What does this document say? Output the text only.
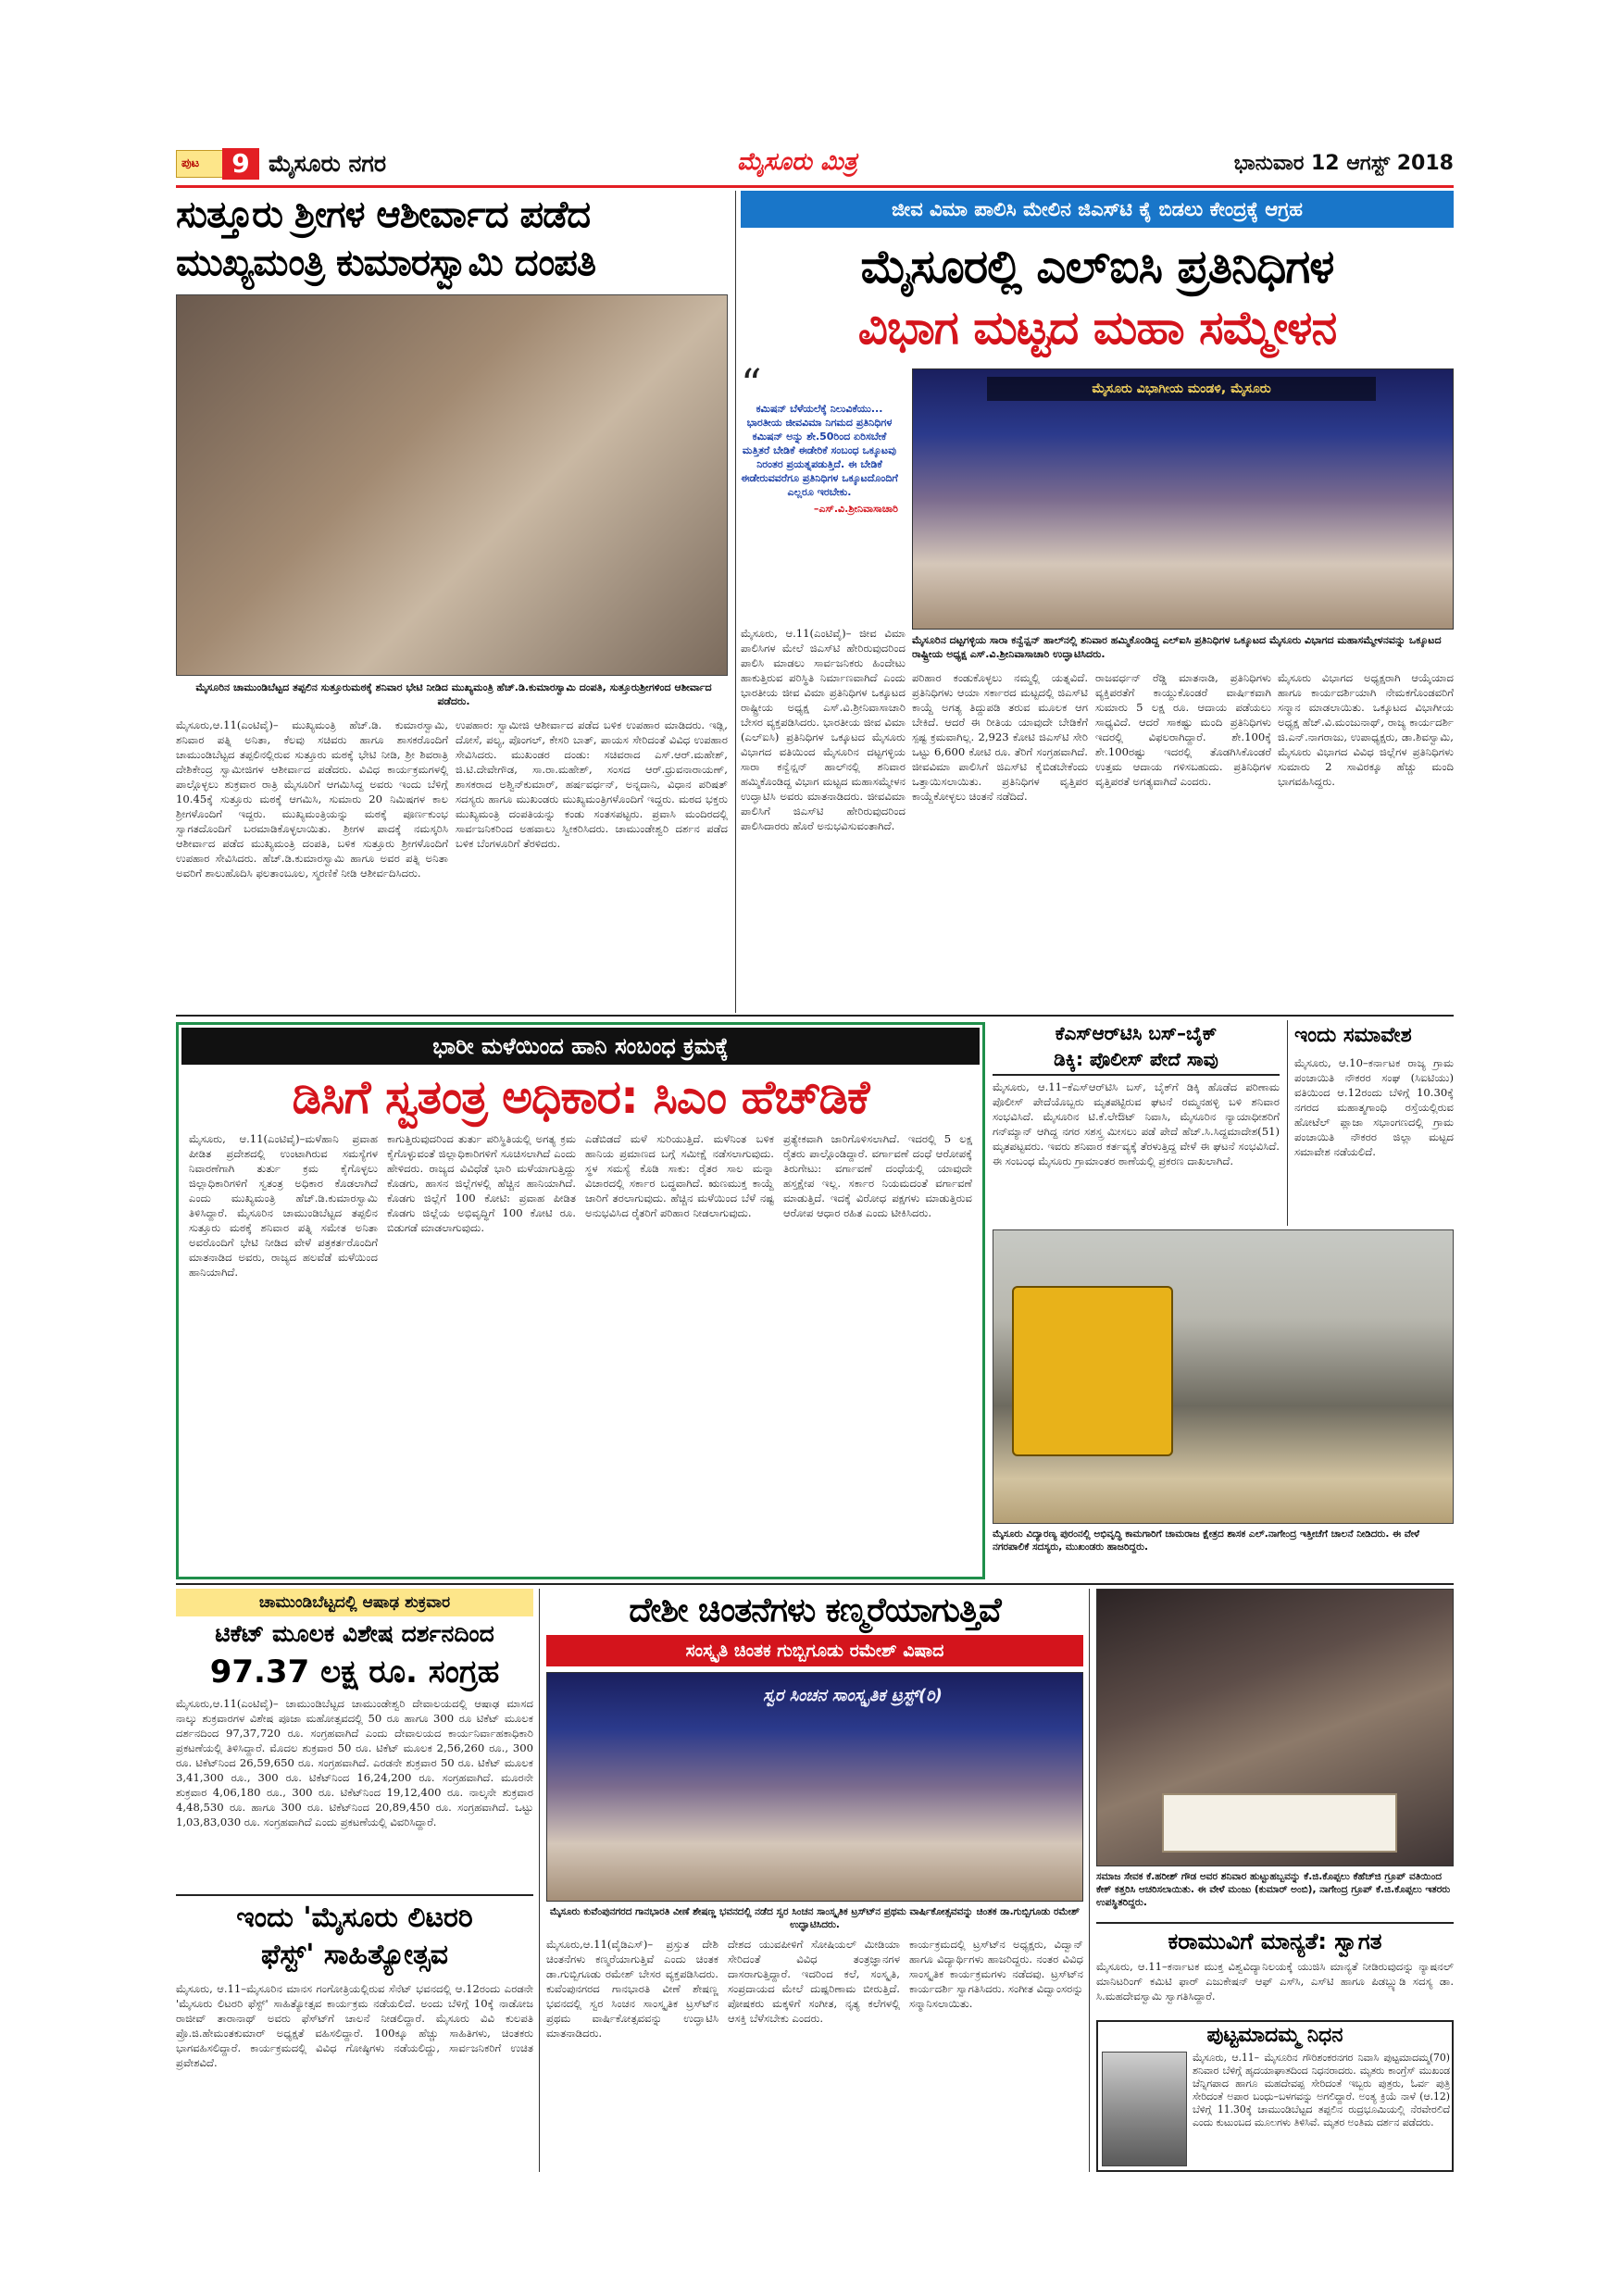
ಪುಟ	9 ಮೈಸೂರು ನಗರ	ಮೈಸೂರು ಮಿತ್ರ	ಭಾನುವಾರ 12 ಆಗಸ್ಟ್ 2018
ಸುತ್ತೂರು ಶ್ರೀಗಳ ಆಶೀರ್ವಾದ ಪಡೆದ
ಮುಖ್ಯಮಂತ್ರಿ ಕುಮಾರಸ್ವಾಮಿ ದಂಪತಿ
ಮೈಸೂರಿನ ಚಾಮುಂಡಿಬೆಟ್ಟದ ತಪ್ಪಲಿನ ಸುತ್ತೂರುಮಠಕ್ಕೆ ಶನಿವಾರ ಭೇಟಿ ನೀಡಿದ ಮುಖ್ಯಮಂತ್ರಿ ಹೆಚ್.ಡಿ.ಕುಮಾರಸ್ವಾಮಿ ದಂಪತಿ, ಸುತ್ತೂರುಶ್ರೀಗಳಿಂದ ಆಶೀರ್ವಾದ ಪಡೆದರು.
ಮೈಸೂರು,ಆ.11(ಎಂಟಿವೈ)– ಮುಖ್ಯಮಂತ್ರಿ ಹೆಚ್.ಡಿ. ಕುಮಾರಸ್ವಾಮಿ, ಶನಿವಾರ ಪತ್ನಿ ಅನಿತಾ, ಕೆಲವು ಸಚಿವರು ಹಾಗೂ ಶಾಸಕರೊಂದಿಗೆ ಚಾಮುಂಡಿಬೆಟ್ಟದ ತಪ್ಪಲಿನಲ್ಲಿರುವ ಸುತ್ತೂರು ಮಠಕ್ಕೆ ಭೇಟಿ ನೀಡಿ, ಶ್ರೀ ಶಿವರಾತ್ರಿ ದೇಶಿಕೇಂದ್ರ ಸ್ವಾಮೀಜಿಗಳ ಆಶೀರ್ವಾದ ಪಡೆದರು. ವಿವಿಧ ಕಾರ್ಯಕ್ರಮಗಳಲ್ಲಿ ಪಾಲ್ಗೊಳ್ಳಲು ಶುಕ್ರವಾರ ರಾತ್ರಿ ಮೈಸೂರಿಗೆ ಆಗಮಿಸಿದ್ದ ಅವರು ಇಂದು ಬೆಳಿಗ್ಗೆ 10.45ಕ್ಕೆ ಸುತ್ತೂರು ಮಠಕ್ಕೆ ಆಗಮಿಸಿ, ಸುಮಾರು 20 ನಿಮಿಷಗಳ ಕಾಲ ಶ್ರೀಗಳೊಂದಿಗೆ ಇದ್ದರು. ಮುಖ್ಯಮಂತ್ರಿಯನ್ನು ಮಠಕ್ಕೆ ಪೂರ್ಣಕುಂಭ ಸ್ವಾಗತದೊಂದಿಗೆ ಬರಮಾಡಿಕೊಳ್ಳಲಾಯಿತು. ಶ್ರೀಗಳ ಪಾದಕ್ಕೆ ನಮಸ್ಕರಿಸಿ ಆಶೀರ್ವಾದ ಪಡೆದ ಮುಖ್ಯಮಂತ್ರಿ ದಂಪತಿ, ಬಳಿಕ ಸುತ್ತೂರು ಶ್ರೀಗಳೊಂದಿಗೆ ಉಪಹಾರ ಸೇವಿಸಿದರು. ಹೆಚ್.ಡಿ.ಕುಮಾರಸ್ವಾಮಿ ಹಾಗೂ ಅವರ ಪತ್ನಿ ಅನಿತಾ ಅವರಿಗೆ ಶಾಲುಹೊದಿಸಿ ಫಲತಾಂಬೂಲ, ಸ್ಮರಣಿಕೆ ನೀಡಿ ಆಶೀರ್ವದಿಸಿದರು.
ಉಪಹಾರ: ಸ್ವಾಮೀಜಿ ಆಶೀರ್ವಾದ ಪಡೆದ ಬಳಿಕ ಉಪಹಾರ ಮಾಡಿದರು. ಇಡ್ಲಿ, ದೋಸೆ, ಪಲ್ಯ, ಪೊಂಗಲ್, ಕೇಸರಿ ಬಾತ್, ಪಾಯಸ ಸೇರಿದಂತೆ ವಿವಿಧ ಉಪಹಾರ ಸೇವಿಸಿದರು. ಮುಖಂಡರ ದಂಡು: ಸಚಿವರಾದ ಎಸ್.ಆರ್.ಮಹೇಶ್, ಜಿ.ಟಿ.ದೇವೇಗೌಡ, ಸಾ.ರಾ.ಮಹೇಶ್, ಸಂಸದ ಆರ್.ಧ್ರುವನಾರಾಯಣ್, ಶಾಸಕರಾದ ಅಶ್ವಿನ್‍ಕುಮಾರ್, ಹರ್ಷವರ್ಧನ್, ಅನ್ನದಾನಿ, ವಿಧಾನ ಪರಿಷತ್ ಸದಸ್ಯರು ಹಾಗೂ ಮುಖಂಡರು ಮುಖ್ಯಮಂತ್ರಿಗಳೊಂದಿಗೆ ಇದ್ದರು. ಮಠದ ಭಕ್ತರು ಮುಖ್ಯಮಂತ್ರಿ ದಂಪತಿಯನ್ನು ಕಂಡು ಸಂತಸಪಟ್ಟರು. ಪ್ರವಾಸಿ ಮಂದಿರದಲ್ಲಿ ಸಾರ್ವಜನಿಕರಿಂದ ಅಹವಾಲು ಸ್ವೀಕರಿಸಿದರು. ಚಾಮುಂಡೇಶ್ವರಿ ದರ್ಶನ ಪಡೆದ ಬಳಿಕ ಬೆಂಗಳೂರಿಗೆ ತೆರಳಿದರು.
ಜೀವ ವಿಮಾ ಪಾಲಿಸಿ ಮೇಲಿನ ಜಿಎಸ್‍ಟಿ ಕೈ ಬಿಡಲು ಕೇಂದ್ರಕ್ಕೆ ಆಗ್ರಹ
ಮೈಸೂರಲ್ಲಿ ಎಲ್‍ಐಸಿ ಪ್ರತಿನಿಧಿಗಳ
ವಿಭಾಗ ಮಟ್ಟದ ಮಹಾ ಸಮ್ಮೇಳನ
“
ಕಮಿಷನ್ ಬೆಳೆಯಲೆಕ್ಕೆ ನಿಲುವಿಕೆಯು... ಭಾರತೀಯ ಜೀವವಿಮಾ ನಿಗಮದ ಪ್ರತಿನಿಧಿಗಳ ಕಮಿಷನ್ ಅನ್ನು ಶೇ.50ರಿಂದ ಏರಿಸಬೇಕೆ ಮತ್ತಿತರೆ ಬೇಡಿಕೆ ಈಡೇರಿಕೆ ಸಂಬಂಧ ಒಕ್ಕೂಟವು ನಿರಂತರ ಪ್ರಯತ್ನಪಡುತ್ತಿದೆ. ಈ ಬೇಡಿಕೆ ಈಡೇರುವವರೆಗೂ ಪ್ರತಿನಿಧಿಗಳ ಒಕ್ಕೂಟದೊಂದಿಗೆ ಎಲ್ಲರೂ ಇರಬೇಕು.
–ಎಸ್.ವಿ.ಶ್ರೀನಿವಾಸಾಚಾರಿ
ಮೈಸೂರು ವಿಭಾಗೀಯ ಮಂಡಳಿ, ಮೈಸೂರು
ಮೈಸೂರಿನ ದಟ್ಟಗಳ್ಳಿಯ ಸಾರಾ ಕನ್ವೆನ್ಷನ್ ಹಾಲ್‍ನಲ್ಲಿ ಶನಿವಾರ ಹಮ್ಮಿಕೊಂಡಿದ್ದ ಎಲ್‍ಐಸಿ ಪ್ರತಿನಿಧಿಗಳ ಒಕ್ಕೂಟದ ಮೈಸೂರು ವಿಭಾಗದ ಮಹಾಸಮ್ಮೇಳನವನ್ನು ಒಕ್ಕೂಟದ ರಾಷ್ಟ್ರೀಯ ಅಧ್ಯಕ್ಷ ಎಸ್.ವಿ.ಶ್ರೀನಿವಾಸಾಚಾರಿ ಉದ್ಘಾಟಿಸಿದರು.
ಮೈಸೂರು, ಆ.11(ಎಂಟಿವೈ)– ಜೀವ ವಿಮಾ ಪಾಲಿಸಿಗಳ ಮೇಲೆ ಜಿಎಸ್‍ಟಿ ಹೇರಿರುವುದರಿಂದ ಪಾಲಿಸಿ ಮಾಡಲು ಸಾರ್ವಜನಿಕರು ಹಿಂದೇಟು ಹಾಕುತ್ತಿರುವ ಪರಿಸ್ಥಿತಿ ನಿರ್ಮಾಣವಾಗಿದೆ ಎಂದು ಭಾರತೀಯ ಜೀವ ವಿಮಾ ಪ್ರತಿನಿಧಿಗಳ ಒಕ್ಕೂಟದ ರಾಷ್ಟ್ರೀಯ ಅಧ್ಯಕ್ಷ ಎಸ್.ವಿ.ಶ್ರೀನಿವಾಸಾಚಾರಿ ಬೇಸರ ವ್ಯಕ್ತಪಡಿಸಿದರು. ಭಾರತೀಯ ಜೀವ ವಿಮಾ (ಎಲ್‍ಐಸಿ) ಪ್ರತಿನಿಧಿಗಳ ಒಕ್ಕೂಟದ ಮೈಸೂರು ವಿಭಾಗದ ವತಿಯಿಂದ ಮೈಸೂರಿನ ದಟ್ಟಗಳ್ಳಿಯ ಸಾರಾ ಕನ್ವೆನ್ಷನ್ ಹಾಲ್‍ನಲ್ಲಿ ಶನಿವಾರ ಹಮ್ಮಿಕೊಂಡಿದ್ದ ವಿಭಾಗ ಮಟ್ಟದ ಮಹಾಸಮ್ಮೇಳನ ಉದ್ಘಾಟಿಸಿ ಅವರು ಮಾತನಾಡಿದರು. ಜೀವವಿಮಾ ಪಾಲಿಸಿಗೆ ಜಿಎಸ್‍ಟಿ ಹೇರಿರುವುದರಿಂದ ಪಾಲಿಸಿದಾರರು ಹೊರೆ ಅನುಭವಿಸುವಂತಾಗಿದೆ.
ಪರಿಹಾರ ಕಂಡುಕೊಳ್ಳಲು ನಮ್ಮಲ್ಲಿ ಯತ್ನವಿದೆ. ಪ್ರತಿನಿಧಿಗಳು ಆಯಾ ಸರ್ಕಾರದ ಮಟ್ಟದಲ್ಲಿ ಜಿಎಸ್‍ಟಿ ಕಾಯ್ದೆ ಅಗತ್ಯ ತಿದ್ದುಪಡಿ ತರುವ ಮೂಲಕ ಆಗ ಬೇಕಿದೆ. ಆದರೆ ಈ ರೀತಿಯ ಯಾವುದೇ ಬೇಡಿಕೆಗೆ ಸ್ಪಷ್ಟ ಕ್ರಮವಾಗಿಲ್ಲ. 2,923 ಕೋಟಿ ಜಿಎಸ್‍ಟಿ ಸೇರಿ ಒಟ್ಟು 6,600 ಕೋಟಿ ರೂ. ತೆರಿಗೆ ಸಂಗ್ರಹವಾಗಿದೆ. ಜೀವವಿಮಾ ಪಾಲಿಸಿಗೆ ಜಿಎಸ್‍ಟಿ ಕೈಬಿಡಬೇಕೆಂದು ಒತ್ತಾಯಿಸಲಾಯಿತು. ಪ್ರತಿನಿಧಿಗಳ ವೃತ್ತಿಪರ ಕಾಯ್ದೆಕೋಳ್ಳಲು ಚಿಂತನೆ ನಡೆದಿದೆ.
ರಾಜವರ್ಧನ್ ರೆಡ್ಡಿ ಮಾತನಾಡಿ, ಪ್ರತಿನಿಧಿಗಳು ವ್ಯಕ್ತಿಪರತೆಗೆ ಕಾಯ್ದುಕೊಂಡರೆ ವಾರ್ಷಿಕವಾಗಿ ಸುಮಾರು 5 ಲಕ್ಷ ರೂ. ಆದಾಯ ಪಡೆಯಲು ಸಾಧ್ಯವಿದೆ. ಆದರೆ ಸಾಕಷ್ಟು ಮಂದಿ ಪ್ರತಿನಿಧಿಗಳು ಇದರಲ್ಲಿ ವಿಫಲರಾಗಿದ್ದಾರೆ. ಶೇ.100ಕ್ಕೆ ಶೇ.100ರಷ್ಟು ಇದರಲ್ಲಿ ತೊಡಗಿಸಿಕೊಂಡರೆ ಉತ್ತಮ ಆದಾಯ ಗಳಿಸಬಹುದು. ಪ್ರತಿನಿಧಿಗಳ ವೃತ್ತಿಪರತೆ ಅಗತ್ಯವಾಗಿದೆ ಎಂದರು.
ಮೈಸೂರು ವಿಭಾಗದ ಅಧ್ಯಕ್ಷರಾಗಿ ಆಯ್ಕೆಯಾದ ಹಾಗೂ ಕಾರ್ಯದರ್ಶಿಯಾಗಿ ನೇಮಕಗೊಂಡವರಿಗೆ ಸನ್ಮಾನ ಮಾಡಲಾಯಿತು. ಒಕ್ಕೂಟದ ವಿಭಾಗೀಯ ಅಧ್ಯಕ್ಷ ಹೆಚ್.ವಿ.ಮಂಜುನಾಥ್, ರಾಜ್ಯ ಕಾರ್ಯದರ್ಶಿ ಜಿ.ಎನ್.ನಾಗರಾಜು, ಉಪಾಧ್ಯಕ್ಷರು, ಡಾ.ಶಿವಸ್ವಾಮಿ, ಮೈಸೂರು ವಿಭಾಗದ ವಿವಿಧ ಜಿಲ್ಲೆಗಳ ಪ್ರತಿನಿಧಿಗಳು ಸುಮಾರು 2 ಸಾವಿರಕ್ಕೂ ಹೆಚ್ಚು ಮಂದಿ ಭಾಗವಹಿಸಿದ್ದರು.
ಭಾರೀ ಮಳೆಯಿಂದ ಹಾನಿ ಸಂಬಂಧ ಕ್ರಮಕ್ಕೆ
ಡಿಸಿಗೆ ಸ್ವತಂತ್ರ ಅಧಿಕಾರ: ಸಿಎಂ ಹೆಚ್‍ಡಿಕೆ
ಮೈಸೂರು, ಆ.11(ಎಂಟಿವೈ)–ಮಳೆಹಾನಿ ಪ್ರವಾಹ ಪೀಡಿತ ಪ್ರದೇಶದಲ್ಲಿ ಉಂಟಾಗಿರುವ ಸಮಸ್ಯೆಗಳ ನಿವಾರಣೆಗಾಗಿ ತುರ್ತು ಕ್ರಮ ಕೈಗೊಳ್ಳಲು ಜಿಲ್ಲಾಧಿಕಾರಿಗಳಿಗೆ ಸ್ವತಂತ್ರ ಅಧಿಕಾರ ಕೊಡಲಾಗಿದೆ ಎಂದು ಮುಖ್ಯಮಂತ್ರಿ ಹೆಚ್.ಡಿ.ಕುಮಾರಸ್ವಾಮಿ ತಿಳಿಸಿದ್ದಾರೆ. ಮೈಸೂರಿನ ಚಾಮುಂಡಿಬೆಟ್ಟದ ತಪ್ಪಲಿನ ಸುತ್ತೂರು ಮಠಕ್ಕೆ ಶನಿವಾರ ಪತ್ನಿ ಸಮೇತ ಅನಿತಾ ಅವರೊಂದಿಗೆ ಭೇಟಿ ನೀಡಿದ ವೇಳೆ ಪತ್ರಕರ್ತರೊಂದಿಗೆ ಮಾತನಾಡಿದ ಅವರು, ರಾಜ್ಯದ ಹಲವೆಡೆ ಮಳೆಯಿಂದ ಹಾನಿಯಾಗಿದೆ.
ಕಾಗುತ್ತಿರುವುದರಿಂದ ತುರ್ತು ಪರಿಸ್ಥಿತಿಯಲ್ಲಿ ಅಗತ್ಯ ಕ್ರಮ ಕೈಗೊಳ್ಳುವಂತೆ ಜಿಲ್ಲಾಧಿಕಾರಿಗಳಿಗೆ ಸೂಚಿಸಲಾಗಿದೆ ಎಂದು ಹೇಳಿದರು. ರಾಜ್ಯದ ವಿವಿಧೆಡೆ ಭಾರಿ ಮಳೆಯಾಗುತ್ತಿದ್ದು ಕೊಡಗು, ಹಾಸನ ಜಿಲ್ಲೆಗಳಲ್ಲಿ ಹೆಚ್ಚಿನ ಹಾನಿಯಾಗಿದೆ. ಕೊಡಗು ಜಿಲ್ಲೆಗೆ 100 ಕೋಟಿ: ಪ್ರವಾಹ ಪೀಡಿತ ಕೊಡಗು ಜಿಲ್ಲೆಯ ಅಭಿವೃದ್ಧಿಗೆ 100 ಕೋಟಿ ರೂ. ಬಿಡುಗಡೆ ಮಾಡಲಾಗುವುದು.
ಎಡೆಬಿಡದೆ ಮಳೆ ಸುರಿಯುತ್ತಿದೆ. ಮಳೆನಿಂತ ಬಳಿಕ ಹಾನಿಯ ಪ್ರಮಾಣದ ಬಗ್ಗೆ ಸಮೀಕ್ಷೆ ನಡೆಸಲಾಗುವುದು. ಸ್ಥಳ ಸಮಸ್ಯೆ ಕೊಡಿ ಸಾಕು: ರೈತರ ಸಾಲ ಮನ್ನಾ ವಿಚಾರದಲ್ಲಿ ಸರ್ಕಾರ ಬದ್ಧವಾಗಿದೆ. ಋಣಮುಕ್ತ ಕಾಯ್ದೆ ಜಾರಿಗೆ ತರಲಾಗುವುದು. ಹೆಚ್ಚಿನ ಮಳೆಯಿಂದ ಬೆಳೆ ನಷ್ಟ ಅನುಭವಿಸಿದ ರೈತರಿಗೆ ಪರಿಹಾರ ನೀಡಲಾಗುವುದು.
ಪ್ರತ್ಯೇಕವಾಗಿ ಜಾರಿಗೊಳಿಸಲಾಗಿದೆ. ಇದರಲ್ಲಿ 5 ಲಕ್ಷ ರೈತರು ಪಾಲ್ಗೊಂಡಿದ್ದಾರೆ. ವರ್ಗಾವಣೆ ದಂಧೆ ಆರೋಪಕ್ಕೆ ತಿರುಗೇಟು: ವರ್ಗಾವಣೆ ದಂಧೆಯಲ್ಲಿ ಯಾವುದೇ ಹಸ್ತಕ್ಷೇಪ ಇಲ್ಲ. ಸರ್ಕಾರ ನಿಯಮದಂತೆ ವರ್ಗಾವಣೆ ಮಾಡುತ್ತಿದೆ. ಇದಕ್ಕೆ ವಿರೋಧ ಪಕ್ಷಗಳು ಮಾಡುತ್ತಿರುವ ಆರೋಪ ಆಧಾರ ರಹಿತ ಎಂದು ಟೀಕಿಸಿದರು.
ಕೆಎಸ್‍ಆರ್‌ಟಿಸಿ ಬಸ್–ಬೈಕ್
ಡಿಕ್ಕಿ: ಪೊಲೀಸ್ ಪೇದೆ ಸಾವು
ಮೈಸೂರು, ಆ.11–ಕೆಎಸ್‍ಆರ್‌ಟಿಸಿ ಬಸ್, ಬೈಕ್‍ಗೆ ಡಿಕ್ಕಿ ಹೊಡೆದ ಪರಿಣಾಮ ಪೊಲೀಸ್ ಪೇದೆಯೊಬ್ಬರು ಮೃತಪಟ್ಟಿರುವ ಘಟನೆ ರಮ್ಮನಹಳ್ಳಿ ಬಳಿ ಶನಿವಾರ ಸಂಭವಿಸಿದೆ. ಮೈಸೂರಿನ ಟಿ.ಕೆ.ಲೇಔಟ್ ನಿವಾಸಿ, ಮೈಸೂರಿನ ನ್ಯಾಯಾಧೀಶರಿಗೆ ಗನ್‍ಮ್ಯಾನ್ ಆಗಿದ್ದ ನಗರ ಸಶಸ್ತ್ರ ಮೀಸಲು ಪಡೆ ಪೇದೆ ಹೆಚ್.ಸಿ.ಸಿದ್ದಮಾದೇಶ(51) ಮೃತಪಟ್ಟವರು. ಇವರು ಶನಿವಾರ ಕರ್ತವ್ಯಕ್ಕೆ ತೆರಳುತ್ತಿದ್ದ ವೇಳೆ ಈ ಘಟನೆ ಸಂಭವಿಸಿದೆ. ಈ ಸಂಬಂಧ ಮೈಸೂರು ಗ್ರಾಮಾಂತರ ಠಾಣೆಯಲ್ಲಿ ಪ್ರಕರಣ ದಾಖಲಾಗಿದೆ.
ಇಂದು ಸಮಾವೇಶ
ಮೈಸೂರು, ಆ.10–ಕರ್ನಾಟಕ ರಾಜ್ಯ ಗ್ರಾಮ ಪಂಚಾಯಿತಿ ನೌಕರರ ಸಂಘ (ಸಿಐಟಿಯು) ವತಿಯಿಂದ ಆ.12ರಂದು ಬೆಳಿಗ್ಗೆ 10.30ಕ್ಕೆ ನಗರದ ಮಹಾತ್ಮಗಾಂಧಿ ರಸ್ತೆಯಲ್ಲಿರುವ ಹೋಟೆಲ್ ಪ್ಲಾಜಾ ಸಭಾಂಗಣದಲ್ಲಿ ಗ್ರಾಮ ಪಂಚಾಯಿತಿ ನೌಕರರ ಜಿಲ್ಲಾ ಮಟ್ಟದ ಸಮಾವೇಶ ನಡೆಯಲಿದೆ.
ಮೈಸೂರು ವಿದ್ಯಾರಣ್ಯ ಪುರಂನಲ್ಲಿ ಅಭಿವೃದ್ಧಿ ಕಾಮಗಾರಿಗೆ ಚಾಮರಾಜ ಕ್ಷೇತ್ರದ ಶಾಸಕ ಎಲ್.ನಾಗೇಂದ್ರ ಇತ್ತೀಚೆಗೆ ಚಾಲನೆ ನೀಡಿದರು. ಈ ವೇಳೆ ನಗರಪಾಲಿಕೆ ಸದಸ್ಯರು, ಮುಖಂಡರು ಹಾಜರಿದ್ದರು.
ಚಾಮುಂಡಿಬೆಟ್ಟದಲ್ಲಿ ಆಷಾಢ ಶುಕ್ರವಾರ
ಟಿಕೆಟ್ ಮೂಲಕ ವಿಶೇಷ ದರ್ಶನದಿಂದ
97.37 ಲಕ್ಷ ರೂ. ಸಂಗ್ರಹ
ಮೈಸೂರು,ಆ.11(ಎಂಟಿವೈ)– ಚಾಮುಂಡಿಬೆಟ್ಟದ ಚಾಮುಂಡೇಶ್ವರಿ ದೇವಾಲಯದಲ್ಲಿ ಆಷಾಢ ಮಾಸದ ನಾಲ್ಕು ಶುಕ್ರವಾರಗಳ ವಿಶೇಷ ಪೂಜಾ ಮಹೋತ್ಸವದಲ್ಲಿ 50 ರೂ ಹಾಗೂ 300 ರೂ ಟಿಕೆಟ್ ಮೂಲಕ ದರ್ಶನದಿಂದ 97,37,720 ರೂ. ಸಂಗ್ರಹವಾಗಿದೆ ಎಂದು ದೇವಾಲಯದ ಕಾರ್ಯನಿರ್ವಾಹಕಾಧಿಕಾರಿ ಪ್ರಕಟಣೆಯಲ್ಲಿ ತಿಳಿಸಿದ್ದಾರೆ. ಮೊದಲ ಶುಕ್ರವಾರ 50 ರೂ. ಟಿಕೆಟ್ ಮೂಲಕ 2,56,260 ರೂ., 300 ರೂ. ಟಿಕೆಟ್‍ನಿಂದ 26,59,650 ರೂ. ಸಂಗ್ರಹವಾಗಿದೆ. ಎರಡನೇ ಶುಕ್ರವಾರ 50 ರೂ. ಟಿಕೆಟ್ ಮೂಲಕ 3,41,300 ರೂ., 300 ರೂ. ಟಿಕೆಟ್‍ನಿಂದ 16,24,200 ರೂ. ಸಂಗ್ರಹವಾಗಿದೆ. ಮೂರನೇ ಶುಕ್ರವಾರ 4,06,180 ರೂ., 300 ರೂ. ಟಿಕೆಟ್‍ನಿಂದ 19,12,400 ರೂ. ನಾಲ್ಕನೇ ಶುಕ್ರವಾರ 4,48,530 ರೂ. ಹಾಗೂ 300 ರೂ. ಟಿಕೆಟ್‍ನಿಂದ 20,89,450 ರೂ. ಸಂಗ್ರಹವಾಗಿದೆ. ಒಟ್ಟು 1,03,83,030 ರೂ. ಸಂಗ್ರಹವಾಗಿದೆ ಎಂದು ಪ್ರಕಟಣೆಯಲ್ಲಿ ವಿವರಿಸಿದ್ದಾರೆ.
ಇಂದು 'ಮೈಸೂರು ಲಿಟರರಿ
ಫೆಸ್ಟ್' ಸಾಹಿತ್ಯೋತ್ಸವ
ಮೈಸೂರು, ಆ.11–ಮೈಸೂರಿನ ಮಾನಸ ಗಂಗೋತ್ರಿಯಲ್ಲಿರುವ ಸೆನೆಟ್ ಭವನದಲ್ಲಿ ಆ.12ರಂದು ಎರಡನೇ 'ಮೈಸೂರು ಲಿಟರರಿ ಫೆಸ್ಟ್' ಸಾಹಿತ್ಯೋತ್ಸವ ಕಾರ್ಯಕ್ರಮ ನಡೆಯಲಿದೆ. ಅಂದು ಬೆಳಿಗ್ಗೆ 10ಕ್ಕೆ ನಾಡೋಜ ರಾಜೀವ್ ತಾರಾನಾಥ್ ಅವರು ಫೆಸ್ಟ್‍ಗೆ ಚಾಲನೆ ನೀಡಲಿದ್ದಾರೆ. ಮೈಸೂರು ವಿವಿ ಕುಲಪತಿ ಪ್ರೊ.ಜಿ.ಹೇಮಂತಕುಮಾರ್ ಅಧ್ಯಕ್ಷತೆ ವಹಿಸಲಿದ್ದಾರೆ. 100ಕ್ಕೂ ಹೆಚ್ಚು ಸಾಹಿತಿಗಳು, ಚಿಂತಕರು ಭಾಗವಹಿಸಲಿದ್ದಾರೆ. ಕಾರ್ಯಕ್ರಮದಲ್ಲಿ ವಿವಿಧ ಗೋಷ್ಠಿಗಳು ನಡೆಯಲಿದ್ದು, ಸಾರ್ವಜನಿಕರಿಗೆ ಉಚಿತ ಪ್ರವೇಶವಿದೆ.
ದೇಶೀ ಚಿಂತನೆಗಳು ಕಣ್ಮರೆಯಾಗುತ್ತಿವೆ
ಸಂಸ್ಕೃತಿ ಚಿಂತಕ ಗುಬ್ಬಿಗೂಡು ರಮೇಶ್ ವಿಷಾದ
ಸ್ವರ ಸಿಂಚನ ಸಾಂಸ್ಕೃತಿಕ ಟ್ರಸ್ಟ್(ರಿ)
ಮೈಸೂರು ಕುವೆಂಪುನಗರದ ಗಾನಭಾರತಿ ವೀಣೆ ಶೇಷಣ್ಣ ಭವನದಲ್ಲಿ ನಡೆದ ಸ್ವರ ಸಿಂಚನ ಸಾಂಸ್ಕೃತಿಕ ಟ್ರಸ್ಟ್‍ನ ಪ್ರಥಮ ವಾರ್ಷಿಕೋತ್ಸವವನ್ನು ಚಿಂತಕ ಡಾ.ಗುಬ್ಬಿಗೂಡು ರಮೇಶ್ ಉದ್ಘಾಟಿಸಿದರು.
ಮೈಸೂರು,ಆ.11(ವೈಡಿಎಸ್)– ಪ್ರಸ್ತುತ ದೇಶಿ ಚಿಂತನೆಗಳು ಕಣ್ಮರೆಯಾಗುತ್ತಿವೆ ಎಂದು ಚಿಂತಕ ಡಾ.ಗುಬ್ಬಿಗೂಡು ರಮೇಶ್ ಬೇಸರ ವ್ಯಕ್ತಪಡಿಸಿದರು. ಕುವೆಂಪುನಗರದ ಗಾನಭಾರತಿ ವೀಣೆ ಶೇಷಣ್ಣ ಭವನದಲ್ಲಿ ಸ್ವರ ಸಿಂಚನ ಸಾಂಸ್ಕೃತಿಕ ಟ್ರಸ್ಟ್‍ನ ಪ್ರಥಮ ವಾರ್ಷಿಕೋತ್ಸವವನ್ನು ಉದ್ಘಾಟಿಸಿ ಮಾತನಾಡಿದರು.
ದೇಶದ ಯುವಪೀಳಿಗೆ ಸೋಷಿಯಲ್ ಮೀಡಿಯಾ ಸೇರಿದಂತೆ ವಿವಿಧ ತಂತ್ರಜ್ಞಾನಗಳ ದಾಸರಾಗುತ್ತಿದ್ದಾರೆ. ಇದರಿಂದ ಕಲೆ, ಸಂಸ್ಕೃತಿ, ಸಂಪ್ರದಾಯದ ಮೇಲೆ ದುಷ್ಪರಿಣಾಮ ಬೀರುತ್ತಿದೆ. ಪೋಷಕರು ಮಕ್ಕಳಿಗೆ ಸಂಗೀತ, ನೃತ್ಯ ಕಲೆಗಳಲ್ಲಿ ಆಸಕ್ತಿ ಬೆಳೆಸಬೇಕು ಎಂದರು.
ಕಾರ್ಯಕ್ರಮದಲ್ಲಿ ಟ್ರಸ್ಟ್‍ನ ಅಧ್ಯಕ್ಷರು, ವಿದ್ವಾನ್ ಹಾಗೂ ವಿದ್ಯಾರ್ಥಿಗಳು ಹಾಜರಿದ್ದರು. ನಂತರ ವಿವಿಧ ಸಾಂಸ್ಕೃತಿಕ ಕಾರ್ಯಕ್ರಮಗಳು ನಡೆದವು. ಟ್ರಸ್ಟ್‍ನ ಕಾರ್ಯದರ್ಶಿ ಸ್ವಾಗತಿಸಿದರು. ಸಂಗೀತ ವಿದ್ವಾಂಸರನ್ನು ಸನ್ಮಾನಿಸಲಾಯಿತು.
ಸಮಾಜ ಸೇವಕ ಕೆ.ಹರೀಶ್ ಗೌಡ ಅವರ ಶನಿವಾರ ಹುಟ್ಟುಹಬ್ಬವನ್ನು ಕೆ.ಜಿ.ಕೊಪ್ಪಲು ಕೆಹೆಚ್‍ಜಿ ಗ್ರೂಪ್ ವತಿಯಿಂದ ಕೇಕ್ ಕತ್ತರಿಸಿ ಆಚರಿಸಲಾಯಿತು. ಈ ವೇಳೆ ಮಂಜು (ಕುಮಾರ್ ಅಂಬಿ), ನಾಗೇಂದ್ರ ಗ್ರೂಪ್ ಕೆ.ಜಿ.ಕೊಪ್ಪಲು ಇತರರು ಉಪಸ್ಥಿತರಿದ್ದರು.
ಕರಾಮುವಿಗೆ ಮಾನ್ಯತೆ: ಸ್ವಾಗತ
ಮೈಸೂರು, ಆ.11–ಕರ್ನಾಟಕ ಮುಕ್ತ ವಿಶ್ವವಿದ್ಯಾನಿಲಯಕ್ಕೆ ಯುಜಿಸಿ ಮಾನ್ಯತೆ ನೀಡಿರುವುದನ್ನು ನ್ಯಾಷನಲ್ ಮಾನಿಟರಿಂಗ್ ಕಮಿಟಿ ಫಾರ್ ಎಜುಕೇಷನ್ ಆಫ್ ಎಸ್‍ಸಿ, ಎಸ್‍ಟಿ ಹಾಗೂ ಪಿಡಬ್ಲ್ಯುಡಿ ಸದಸ್ಯ ಡಾ. ಸಿ.ಮಹದೇವಸ್ವಾಮಿ ಸ್ವಾಗತಿಸಿದ್ದಾರೆ.
ಪುಟ್ಟಮಾದಮ್ಮ ನಿಧನ
ಮೈಸೂರು, ಆ.11– ಮೈಸೂರಿನ ಗೌರಿಶಂಕರನಗರ ನಿವಾಸಿ ಪುಟ್ಟಮಾದಮ್ಮ(70) ಶನಿವಾರ ಬೆಳಿಗ್ಗೆ ಹೃದಯಾಘಾತದಿಂದ ನಿಧನರಾದರು. ಮೃತರು ಕಾಂಗ್ರೆಸ್ ಮುಖಂಡ ಚೆನ್ನಿಗಪಾದ ಹಾಗೂ ಮಹದೇವಪ್ಪ ಸೇರಿದಂತೆ ಇಬ್ಬರು ಪುತ್ರರು, ಓರ್ವ ಪುತ್ರಿ ಸೇರಿದಂತೆ ಅಪಾರ ಬಂಧು–ಬಳಗವನ್ನು ಅಗಲಿದ್ದಾರೆ. ಅಂತ್ಯ ಕ್ರಿಯೆ ನಾಳೆ (ಆ.12) ಬೆಳಿಗ್ಗೆ 11.30ಕ್ಕೆ ಚಾಮುಂಡಿಬೆಟ್ಟದ ತಪ್ಪಲಿನ ರುದ್ರಭೂಮಿಯಲ್ಲಿ ನೆರವೇರಲಿದೆ ಎಂದು ಕುಟುಂಬದ ಮೂಲಗಳು ತಿಳಿಸಿವೆ. ಮೃತರ ಅಂತಿಮ ದರ್ಶನ ಪಡೆದರು.
